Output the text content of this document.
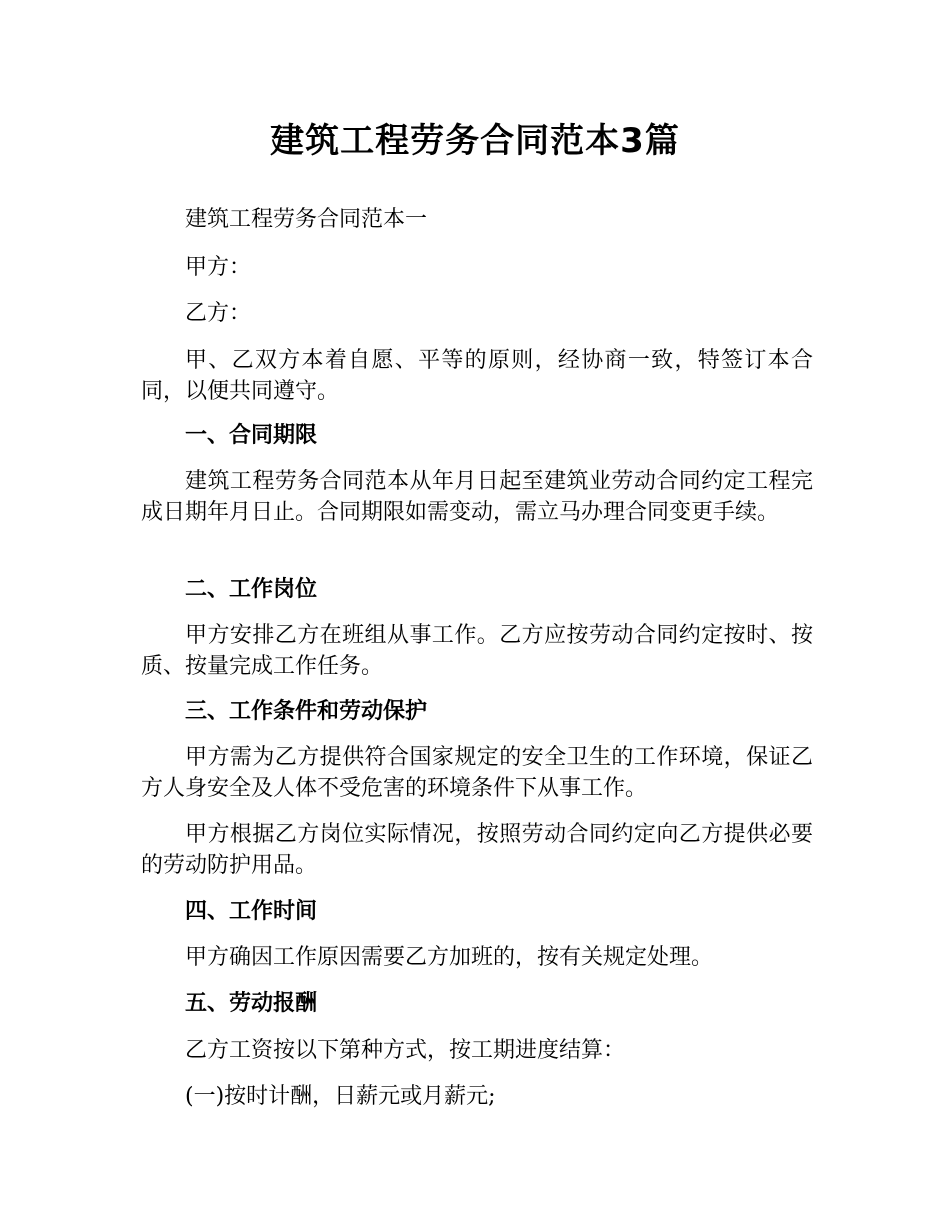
建筑工程劳务合同范本3篇

建筑工程劳务合同范本一

甲方：

乙方：

甲、乙双方本着自愿、平等的原则，经协商一致，特签订本合同，以便共同遵守。

一、合同期限

建筑工程劳务合同范本从年月日起至建筑业劳动合同约定工程完成日期年月日止。合同期限如需变动，需立马办理合同变更手续。

二、工作岗位

甲方安排乙方在班组从事工作。乙方应按劳动合同约定按时、按质、按量完成工作任务。

三、工作条件和劳动保护

甲方需为乙方提供符合国家规定的安全卫生的工作环境，保证乙方人身安全及人体不受危害的环境条件下从事工作。

甲方根据乙方岗位实际情况，按照劳动合同约定向乙方提供必要的劳动防护用品。

四、工作时间

甲方确因工作原因需要乙方加班的，按有关规定处理。

五、劳动报酬

乙方工资按以下第种方式，按工期进度结算：

(一)按时计酬，日薪元或月薪元;
